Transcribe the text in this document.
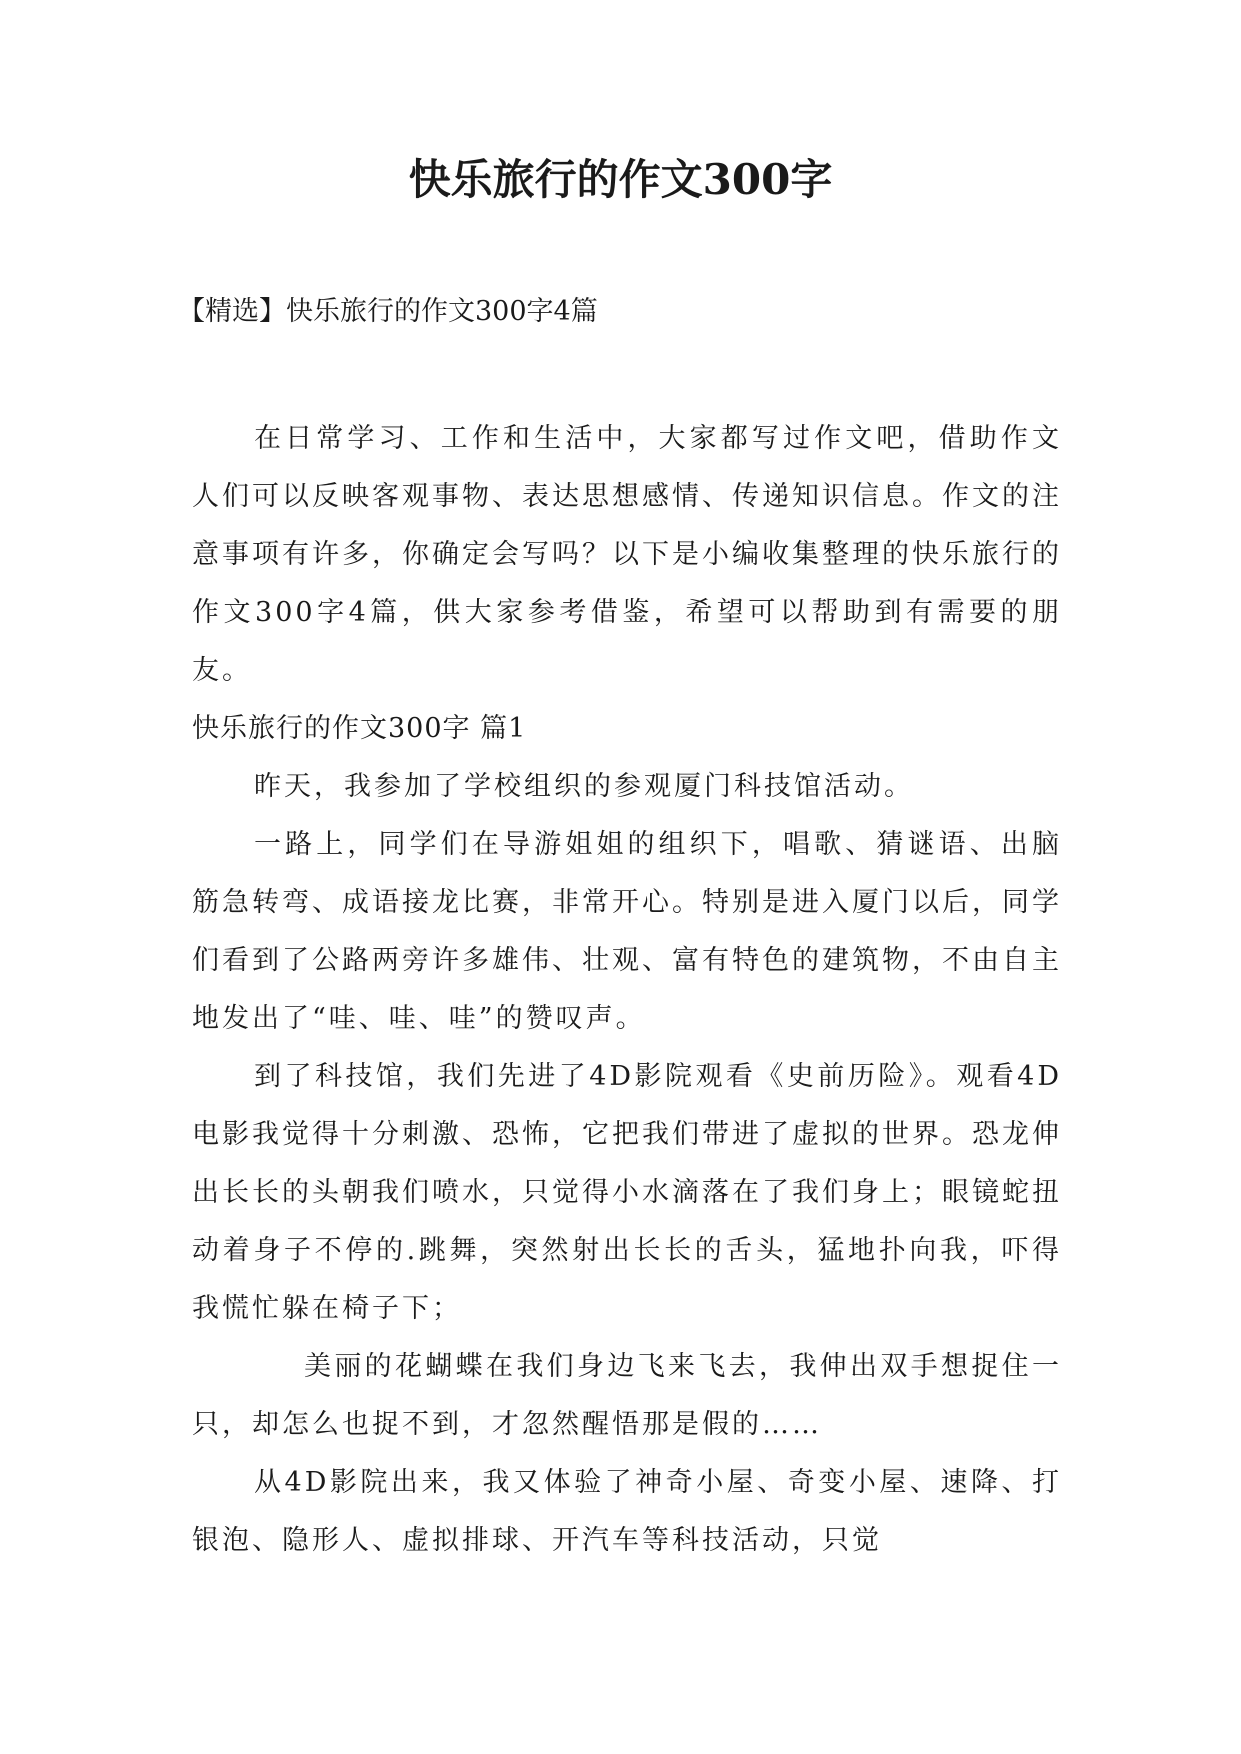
快乐旅行的作文300字

【精选】快乐旅行的作文300字4篇

在日常学习、工作和生活中，大家都写过作文吧，借助作文人们可以反映客观事物、表达思想感情、传递知识信息。作文的注意事项有许多，你确定会写吗？以下是小编收集整理的快乐旅行的作文300字4篇，供大家参考借鉴，希望可以帮助到有需要的朋友。

快乐旅行的作文300字 篇1

昨天，我参加了学校组织的参观厦门科技馆活动。

一路上，同学们在导游姐姐的组织下，唱歌、猜谜语、出脑筋急转弯、成语接龙比赛，非常开心。特别是进入厦门以后，同学们看到了公路两旁许多雄伟、壮观、富有特色的建筑物，不由自主地发出了“哇、哇、哇”的赞叹声。

到了科技馆，我们先进了4D影院观看《史前历险》。观看4D电影我觉得十分刺激、恐怖，它把我们带进了虚拟的世界。恐龙伸出长长的头朝我们喷水，只觉得小水滴落在了我们身上；眼镜蛇扭动着身子不停的.跳舞，突然射出长长的舌头，猛地扑向我，吓得我慌忙躲在椅子下；

美丽的花蝴蝶在我们身边飞来飞去，我伸出双手想捉住一只，却怎么也捉不到，才忽然醒悟那是假的……

从4D影院出来，我又体验了神奇小屋、奇变小屋、速降、打银泡、隐形人、虚拟排球、开汽车等科技活动，只觉
